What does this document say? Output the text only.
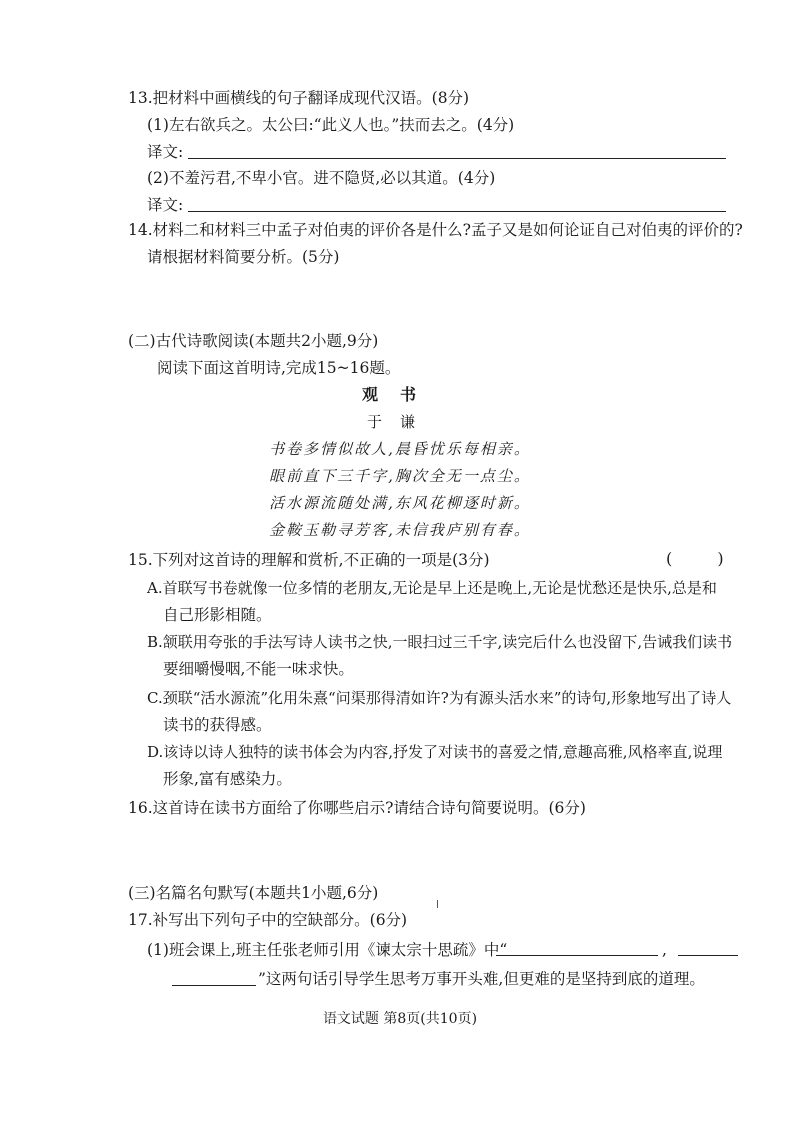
13.把材料中画横线的句子翻译成现代汉语。(8分)
(1)左右欲兵之。太公曰:“此义人也。”扶而去之。(4分)
译文:
(2)不羞污君,不卑小官。进不隐贤,必以其道。(4分)
译文:
14.材料二和材料三中孟子对伯夷的评价各是什么?孟子又是如何论证自己对伯夷的评价的?
请根据材料简要分析。(5分)
(二)古代诗歌阅读(本题共2小题,9分)
阅读下面这首明诗,完成15~16题。
观书
于谦
书卷多情似故人,晨昏忧乐每相亲。
眼前直下三千字,胸次全无一点尘。
活水源流随处满,东风花柳逐时新。
金鞍玉勒寻芳客,未信我庐别有春。
15.下列对这首诗的理解和赏析,不正确的一项是(3分)	( )
A.首联写书卷就像一位多情的老朋友,无论是早上还是晚上,无论是忧愁还是快乐,总是和
自己形影相随。
B.颔联用夸张的手法写诗人读书之快,一眼扫过三千字,读完后什么也没留下,告诫我们读书
要细嚼慢咽,不能一味求快。
C.颈联“活水源流”化用朱熹“问渠那得清如许?为有源头活水来”的诗句,形象地写出了诗人
读书的获得感。
D.该诗以诗人独特的读书体会为内容,抒发了对读书的喜爱之情,意趣高雅,风格率直,说理
形象,富有感染力。
16.这首诗在读书方面给了你哪些启示?请结合诗句简要说明。(6分)
(三)名篇名句默写(本题共1小题,6分)
17.补写出下列句子中的空缺部分。(6分)
(1)班会课上,班主任张老师引用《谏太宗十思疏》中“	,
”这两句话引导学生思考万事开头难,但更难的是坚持到底的道理。
语文试题 第8页(共10页)
